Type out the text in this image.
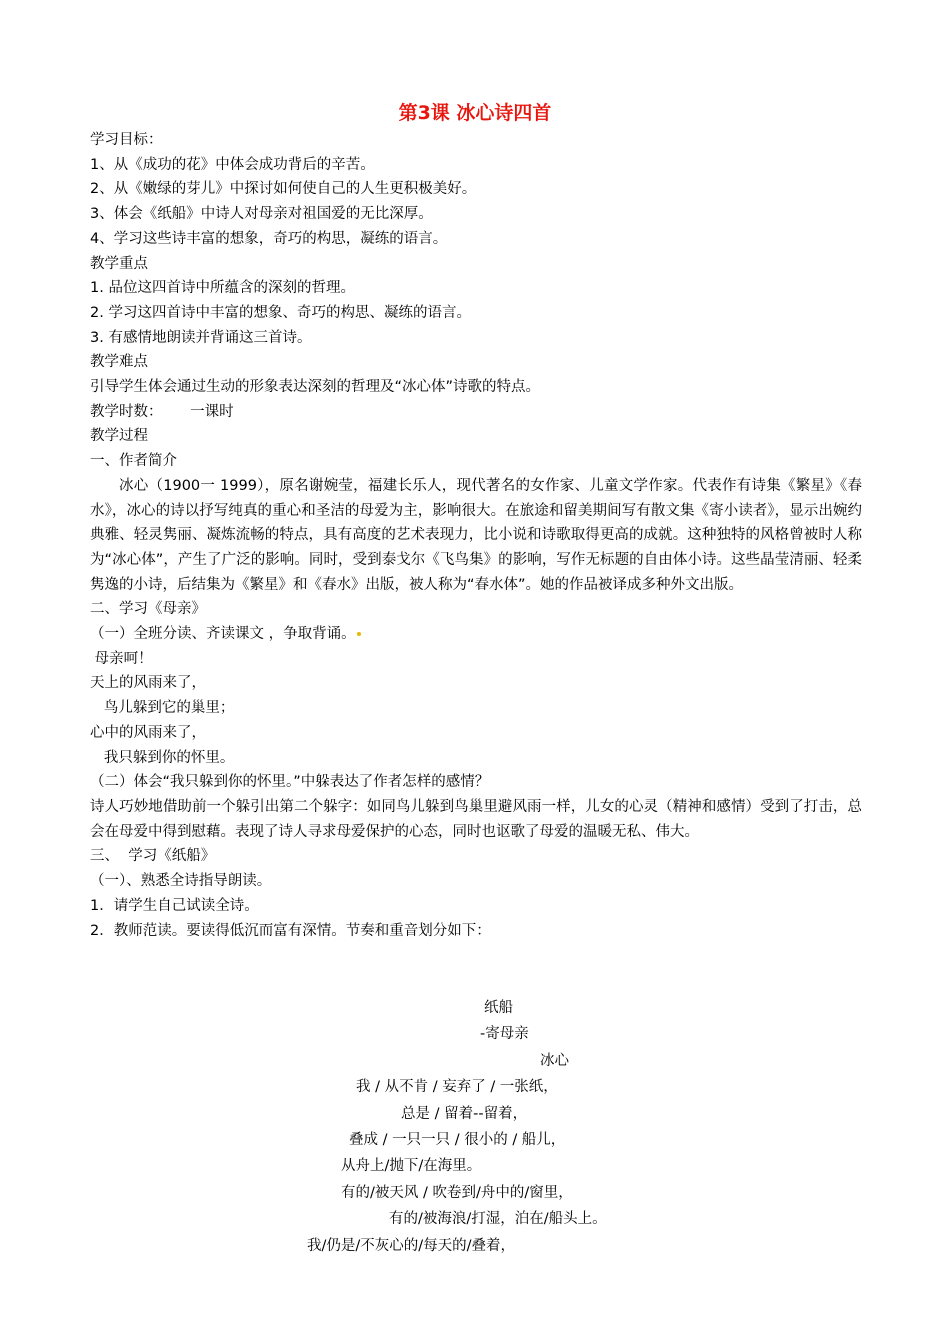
第3课 冰心诗四首

学习目标：

1、从《成功的花》中体会成功背后的辛苦。

2、从《嫩绿的芽儿》中探讨如何使自己的人生更积极美好。

3、体会《纸船》中诗人对母亲对祖国爱的无比深厚。

4、学习这些诗丰富的想象，奇巧的构思，凝练的语言。

教学重点

1. 品位这四首诗中所蕴含的深刻的哲理。

2. 学习这四首诗中丰富的想象、奇巧的构思、凝练的语言。

3. 有感情地朗读并背诵这三首诗。

教学难点

引导学生体会通过生动的形象表达深刻的哲理及“冰心体”诗歌的特点。

教学时数：      一课时

教学过程

一、作者简介

冰心（1900一 1999），原名谢婉莹，福建长乐人，现代著名的女作家、儿童文学作家。代表作有诗集《繁星》《春水》，冰心的诗以抒写纯真的重心和圣洁的母爱为主，影响很大。在旅途和留美期间写有散文集《寄小读者》，显示出婉约典雅、轻灵隽丽、凝炼流畅的特点，具有高度的艺术表现力，比小说和诗歌取得更高的成就。这种独特的风格曾被时人称为“冰心体”，产生了广泛的影响。同时，受到泰戈尔《飞鸟集》的影响，写作无标题的自由体小诗。这些晶莹清丽、轻柔隽逸的小诗，后结集为《繁星》和《春水》出版，被人称为“春水体”。她的作品被译成多种外文出版。

二、学习《母亲》

（一）全班分读、齐读课文 ，争取背诵。

母亲呵！

天上的风雨来了，

鸟儿躲到它的巢里；

心中的风雨来了，

我只躲到你的怀里。

（二）体会“我只躲到你的怀里。”中躲表达了作者怎样的感情？

诗人巧妙地借助前一个躲引出第二个躲字：如同鸟儿躲到鸟巢里避风雨一样，儿女的心灵（精神和感情）受到了打击，总会在母爱中得到慰藉。表现了诗人寻求母爱保护的心态，同时也讴歌了母爱的温暖无私、伟大。

三、  学习《纸船》

（一）、熟悉全诗指导朗读。

1．请学生自己试读全诗。

2．教师范读。要读得低沉而富有深情。节奏和重音划分如下：

纸船

-寄母亲

冰心

我 / 从不肯 / 妄弃了 / 一张纸，

总是 / 留着--留着，

叠成 / 一只一只 / 很小的 / 船儿，

从舟上/抛下/在海里。

有的/被天风 / 吹卷到/舟中的/窗里，

有的/被海浪/打湿，泊在/船头上。

我/仍是/不灰心的/每天的/叠着，
